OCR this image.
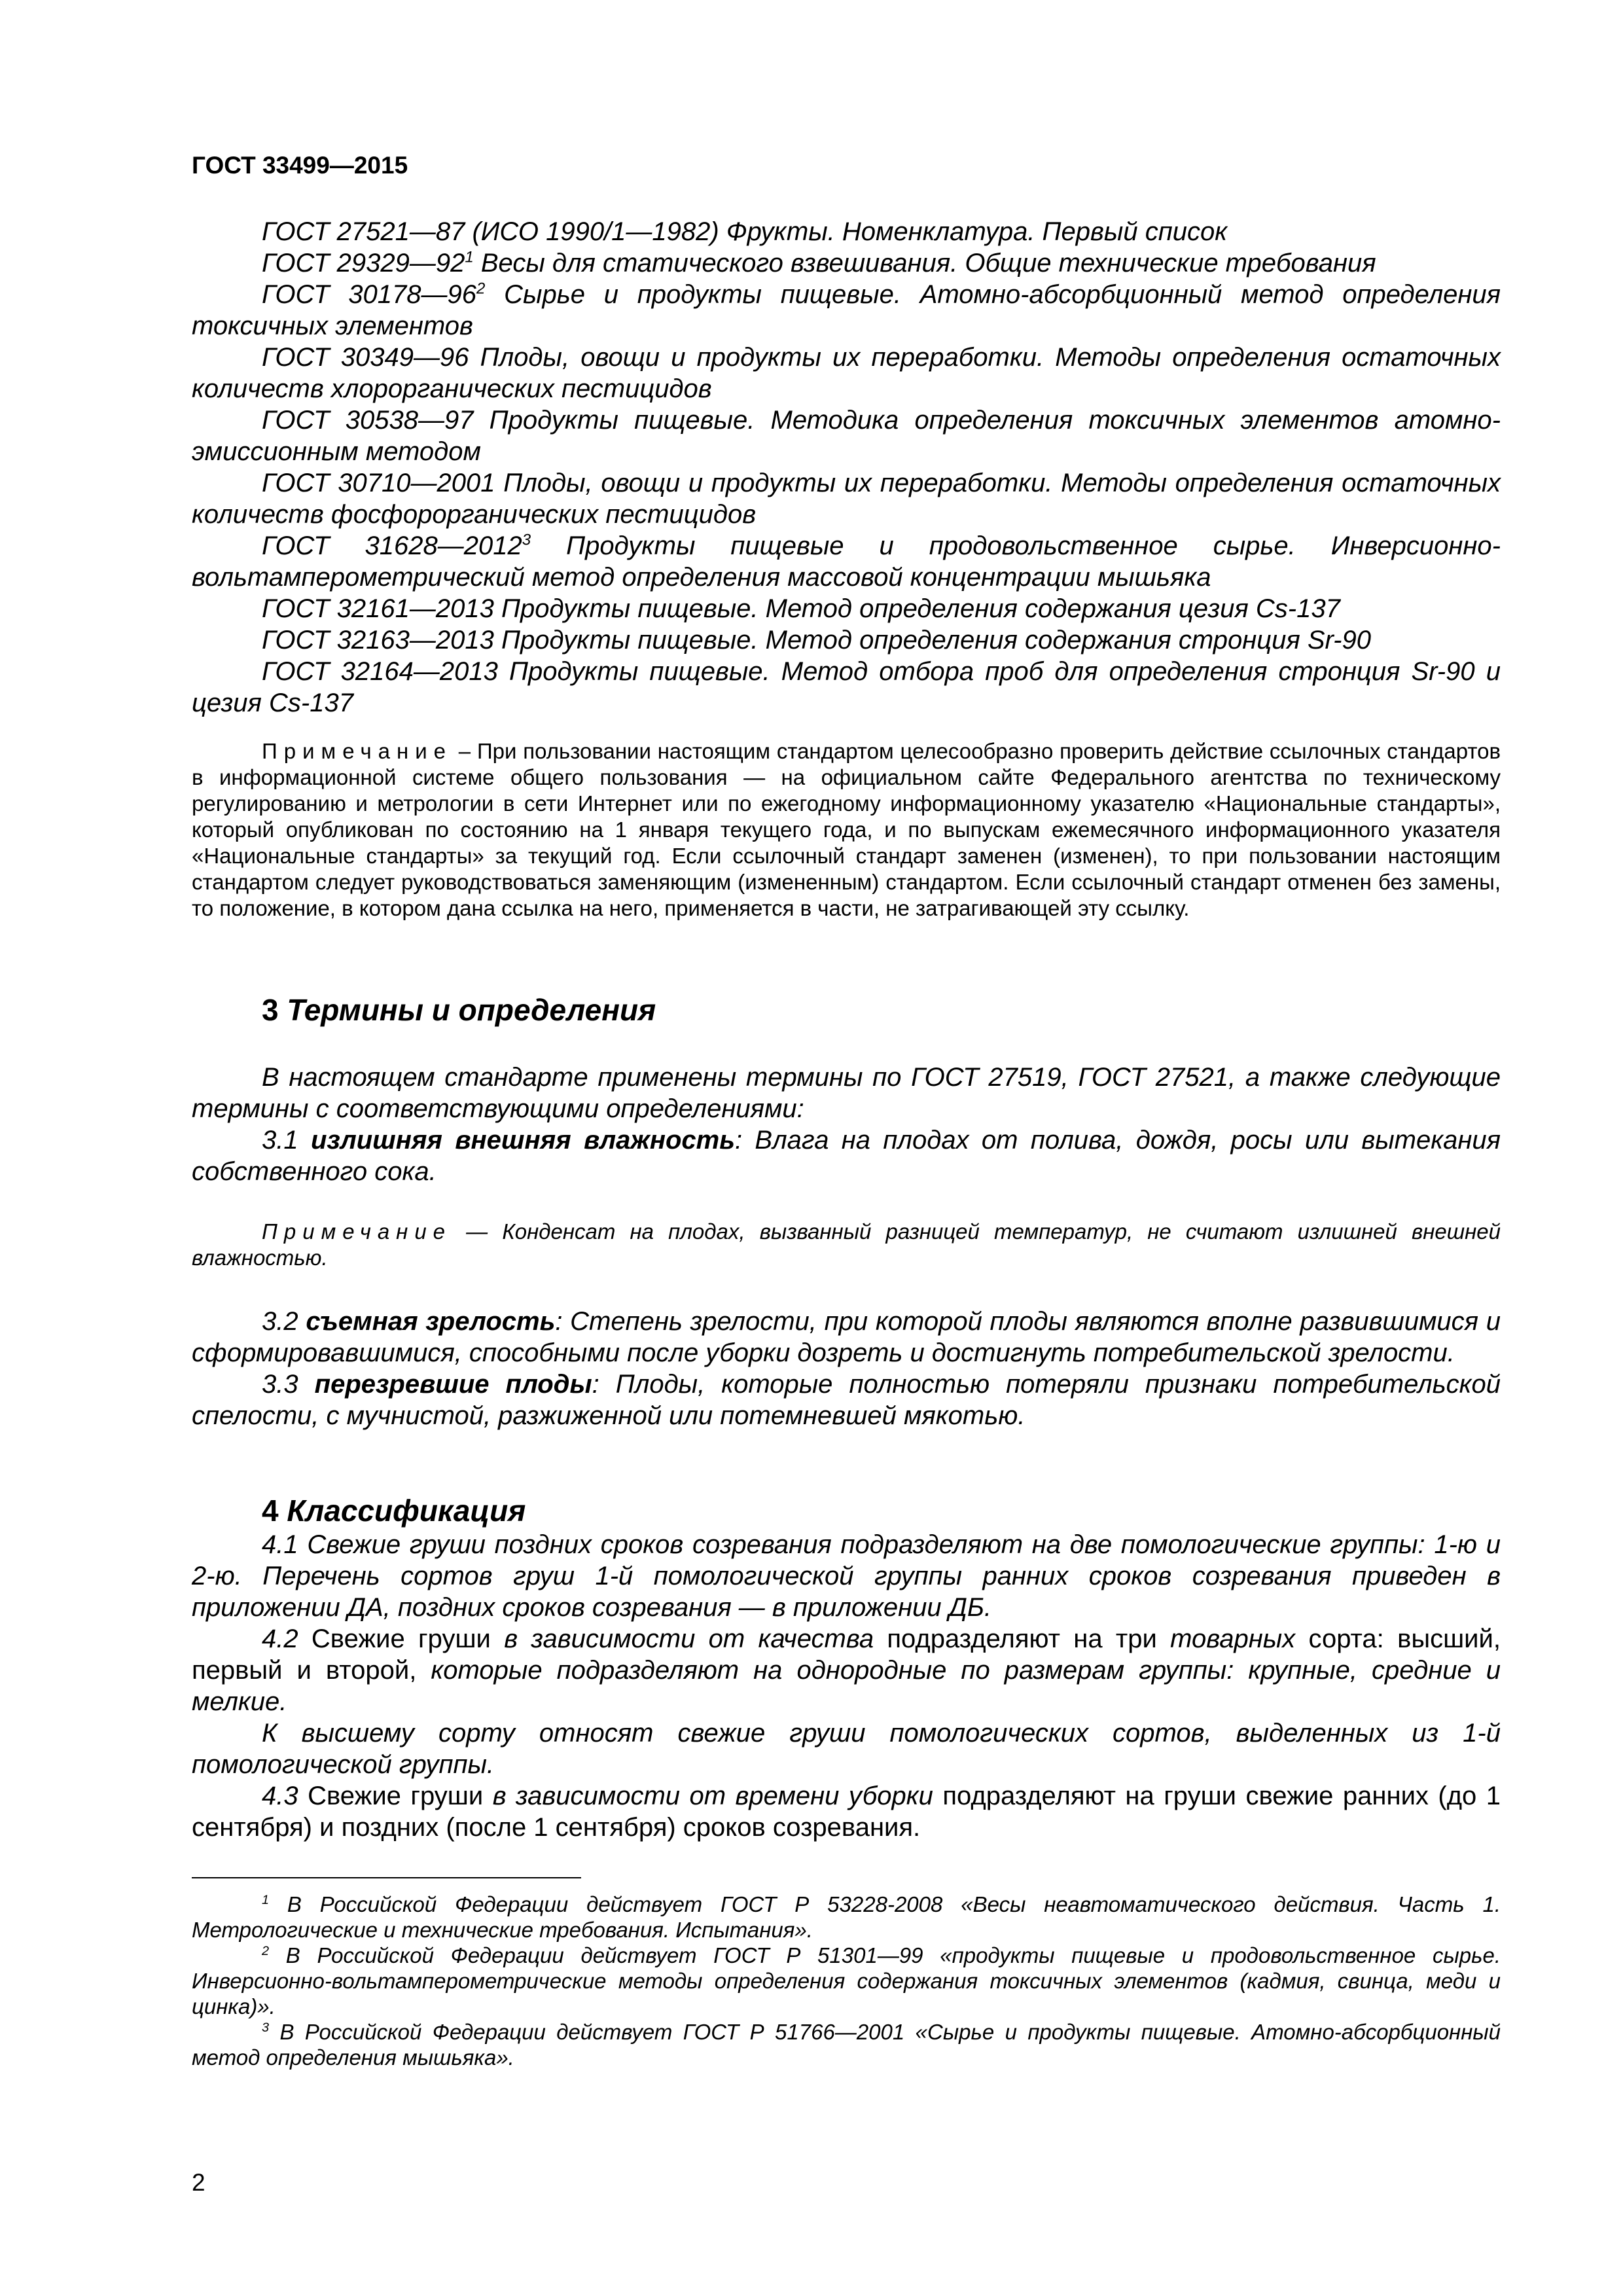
ГОСТ 33499—2015

ГОСТ 27521—87 (ИСО 1990/1—1982) Фрукты. Номенклатура. Первый список

ГОСТ $29329—92^1$ Весы для статического взвешивания. Общие технические требования

ГОСТ $30178—96^2$ Сырье и продукты пищевые. Атомно-абсорбционный метод определения токсичных элементов

ГОСТ 30349—96 Плоды, овощи и продукты их переработки. Методы определения остаточных количеств хлорорганических пестицидов

ГОСТ 30538—97 Продукты пищевые. Методика определения токсичных элементов атомно-эмиссионным методом

ГОСТ 30710—2001 Плоды, овощи и продукты их переработки. Методы определения остаточных количеств фосфорорганических пестицидов

ГОСТ 31628—2012$^3$ Продукты пищевые и продовольственное сырье. Инверсионно-вольтамперометрический метод определения массовой концентрации мышьяка

ГОСТ 32161—2013 Продукты пищевые. Метод определения содержания цезия Cs-137

ГОСТ 32163—2013 Продукты пищевые. Метод определения содержания стронция Sr-90

ГОСТ 32164—2013 Продукты пищевые. Метод отбора проб для определения стронция Sr-90 и цезия Cs-137

Примечание – При пользовании настоящим стандартом целесообразно проверить действие ссылочных стандартов в информационной системе общего пользования — на официальном сайте Федерального агентства по техническому регулированию и метрологии в сети Интернет или по ежегодному информационному указателю «Национальные стандарты», который опубликован по состоянию на 1 января текущего года, и по выпускам ежемесячного информационного указателя «Национальные стандарты» за текущий год. Если ссылочный стандарт заменен (изменен), то при пользовании настоящим стандартом следует руководствоваться заменяющим (измененным) стандартом. Если ссылочный стандарт отменен без замены, то положение, в котором дана ссылка на него, применяется в части, не затрагивающей эту ссылку.

3 Термины и определения

В настоящем стандарте применены термины по ГОСТ 27519, ГОСТ 27521, а также следующие термины с соответствующими определениями:

3.1 излишняя внешняя влажность: Влага на плодах от полива, дождя, росы или вытекания собственного сока.

Примечание — Конденсат на плодах, вызванный разницей температур, не считают излишней внешней влажностью.

3.2 съемная зрелость: Степень зрелости, при которой плоды являются вполне развившимися и сформировавшимися, способными после уборки дозреть и достигнуть потребительской зрелости.

3.3 перезревшие плоды: Плоды, которые полностью потеряли признаки потребительской спелости, с мучнистой, разжиженной или потемневшей мякотью.

4 Классификация

4.1 Свежие груши поздних сроков созревания подразделяют на две помологические группы: 1-ю и 2-ю. Перечень сортов груш 1-й помологической группы ранних сроков созревания приведен в приложении ДА, поздних сроков созревания — в приложении ДБ.

4.2 Свежие груши в зависимости от качества подразделяют на три товарных сорта: высший, первый и второй, которые подразделяют на однородные по размерам группы: крупные, средние и мелкие.

К высшему сорту относят свежие груши помологических сортов, выделенных из 1-й помологической группы.

4.3 Свежие груши в зависимости от времени уборки подразделяют на груши свежие ранних (до 1 сентября) и поздних (после 1 сентября) сроков созревания.

$^1$ В Российской Федерации действует ГОСТ Р 53228-2008 «Весы неавтоматического действия. Часть 1. Метрологические и технические требования. Испытания».

$^2$ В Российской Федерации действует ГОСТ Р 51301—99 «продукты пищевые и продовольственное сырье. Инверсионно-вольтамперометрические методы определения содержания токсичных элементов (кадмия, свинца, меди и цинка)».

$^3$ В Российской Федерации действует ГОСТ Р 51766—2001 «Сырье и продукты пищевые. Атомно-абсорбционный метод определения мышьяка».

2
